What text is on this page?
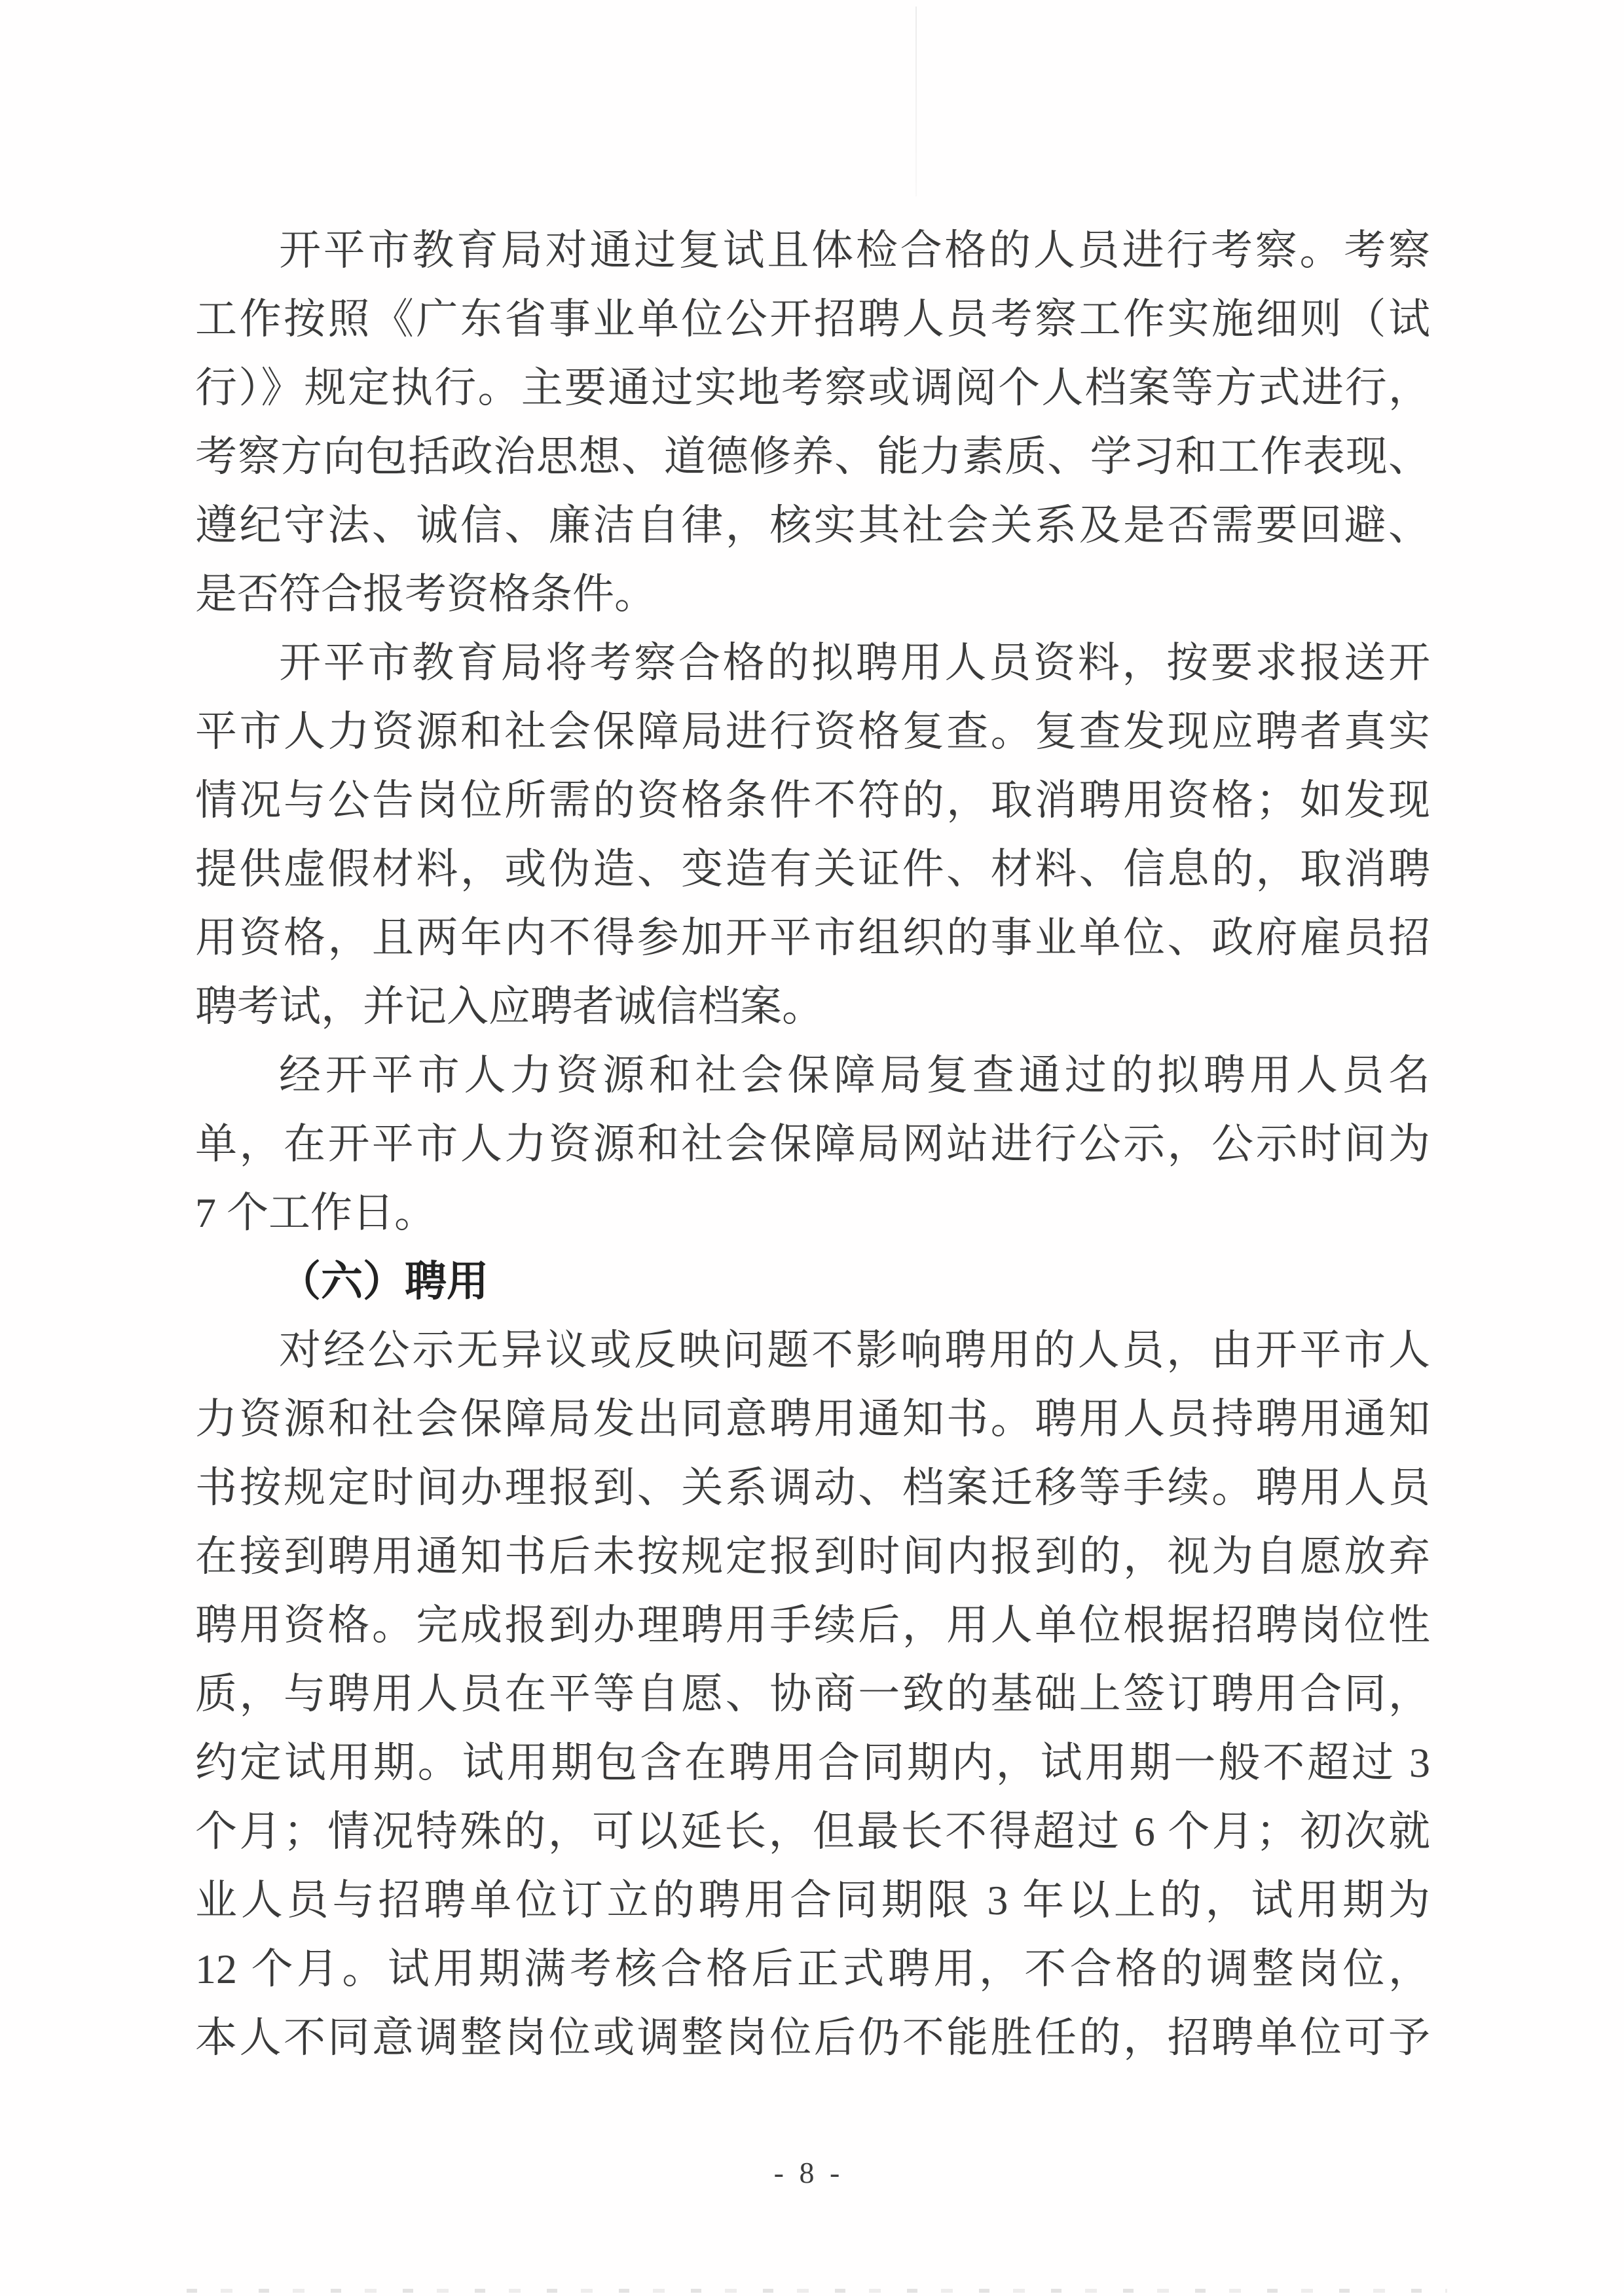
开平市教育局对通过复试且体检合格的人员进行考察。考察
工作按照《广东省事业单位公开招聘人员考察工作实施细则（试
行）》规定执行。主要通过实地考察或调阅个人档案等方式进行，
考察方向包括政治思想、道德修养、能力素质、学习和工作表现、
遵纪守法、诚信、廉洁自律，核实其社会关系及是否需要回避、
是否符合报考资格条件。
开平市教育局将考察合格的拟聘用人员资料，按要求报送开
平市人力资源和社会保障局进行资格复查。复查发现应聘者真实
情况与公告岗位所需的资格条件不符的，取消聘用资格；如发现
提供虚假材料，或伪造、变造有关证件、材料、信息的，取消聘
用资格，且两年内不得参加开平市组织的事业单位、政府雇员招
聘考试，并记入应聘者诚信档案。
经开平市人力资源和社会保障局复查通过的拟聘用人员名
单，在开平市人力资源和社会保障局网站进行公示，公示时间为
7 个工作日。
（六）聘用
对经公示无异议或反映问题不影响聘用的人员，由开平市人
力资源和社会保障局发出同意聘用通知书。聘用人员持聘用通知
书按规定时间办理报到、关系调动、档案迁移等手续。聘用人员
在接到聘用通知书后未按规定报到时间内报到的，视为自愿放弃
聘用资格。完成报到办理聘用手续后，用人单位根据招聘岗位性
质，与聘用人员在平等自愿、协商一致的基础上签订聘用合同，
约定试用期。试用期包含在聘用合同期内，试用期一般不超过 3
个月；情况特殊的，可以延长，但最长不得超过 6 个月；初次就
业人员与招聘单位订立的聘用合同期限 3 年以上的，试用期为
12 个月。试用期满考核合格后正式聘用，不合格的调整岗位，
本人不同意调整岗位或调整岗位后仍不能胜任的，招聘单位可予
- 8 -
